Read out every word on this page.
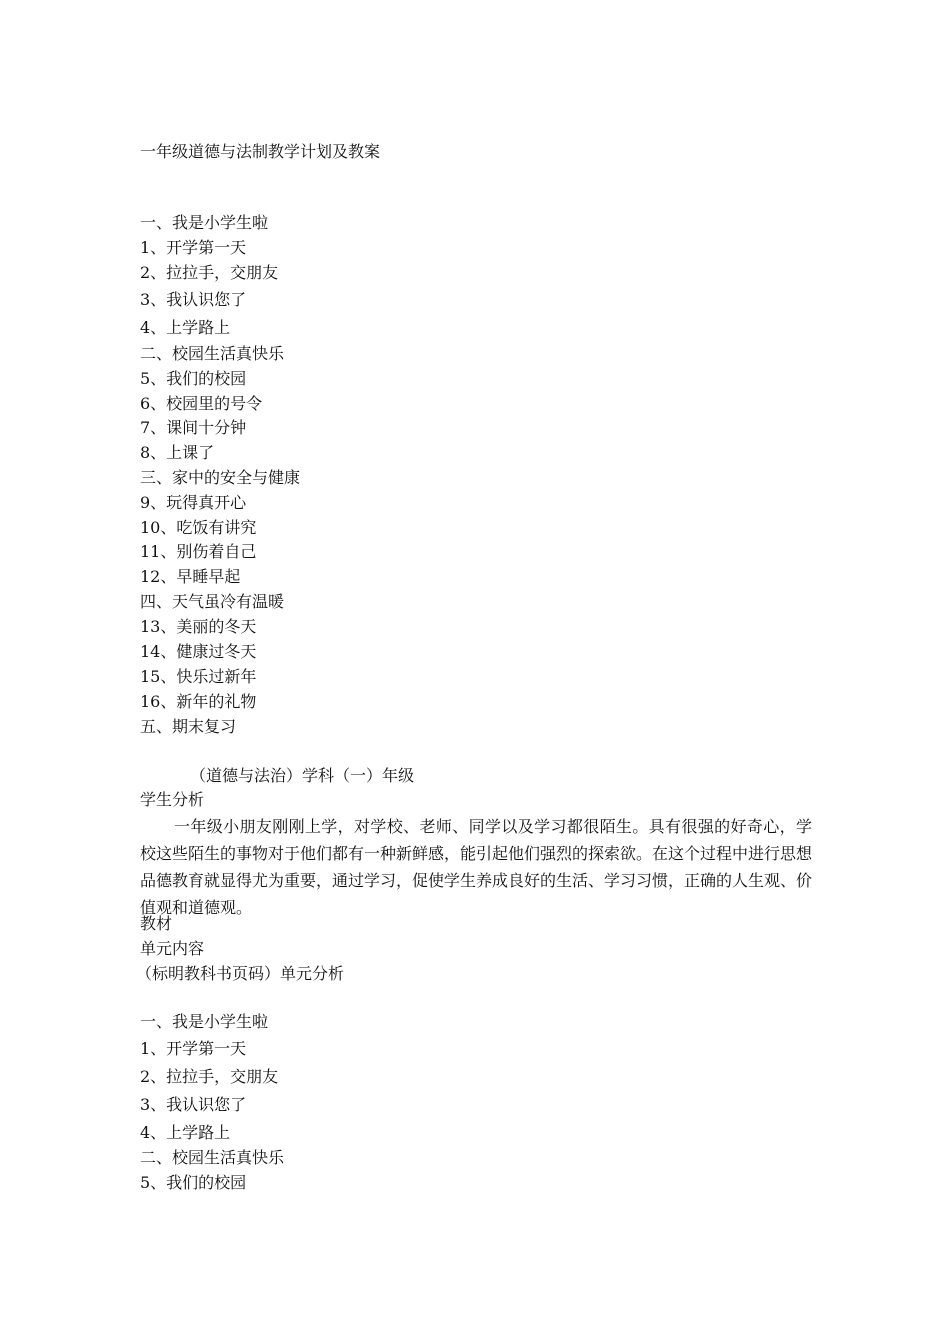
一年级道德与法制教学计划及教案
一、我是小学生啦
1、开学第一天
2、拉拉手，交朋友
3、我认识您了
4、上学路上
二、校园生活真快乐
5、我们的校园
6、校园里的号令
7、课间十分钟
8、上课了
三、家中的安全与健康
9、玩得真开心
10、吃饭有讲究
11、别伤着自己
12、早睡早起
四、天气虽冷有温暖
13、美丽的冬天
14、健康过冬天
15、快乐过新年
16、新年的礼物
五、期末复习
（道德与法治）学科（一）年级
学生分析
一年级小朋友刚刚上学，对学校、老师、同学以及学习都很陌生。具有很强的好奇心，学校这些陌生的事物对于他们都有一种新鲜感，能引起他们强烈的探索欲。在这个过程中进行思想品德教育就显得尤为重要，通过学习，促使学生养成良好的生活、学习习惯，正确的人生观、价值观和道德观。
教材
单元内容
（标明教科书页码）单元分析
一、我是小学生啦
1、开学第一天
2、拉拉手，交朋友
3、我认识您了
4、上学路上
二、校园生活真快乐
5、我们的校园
